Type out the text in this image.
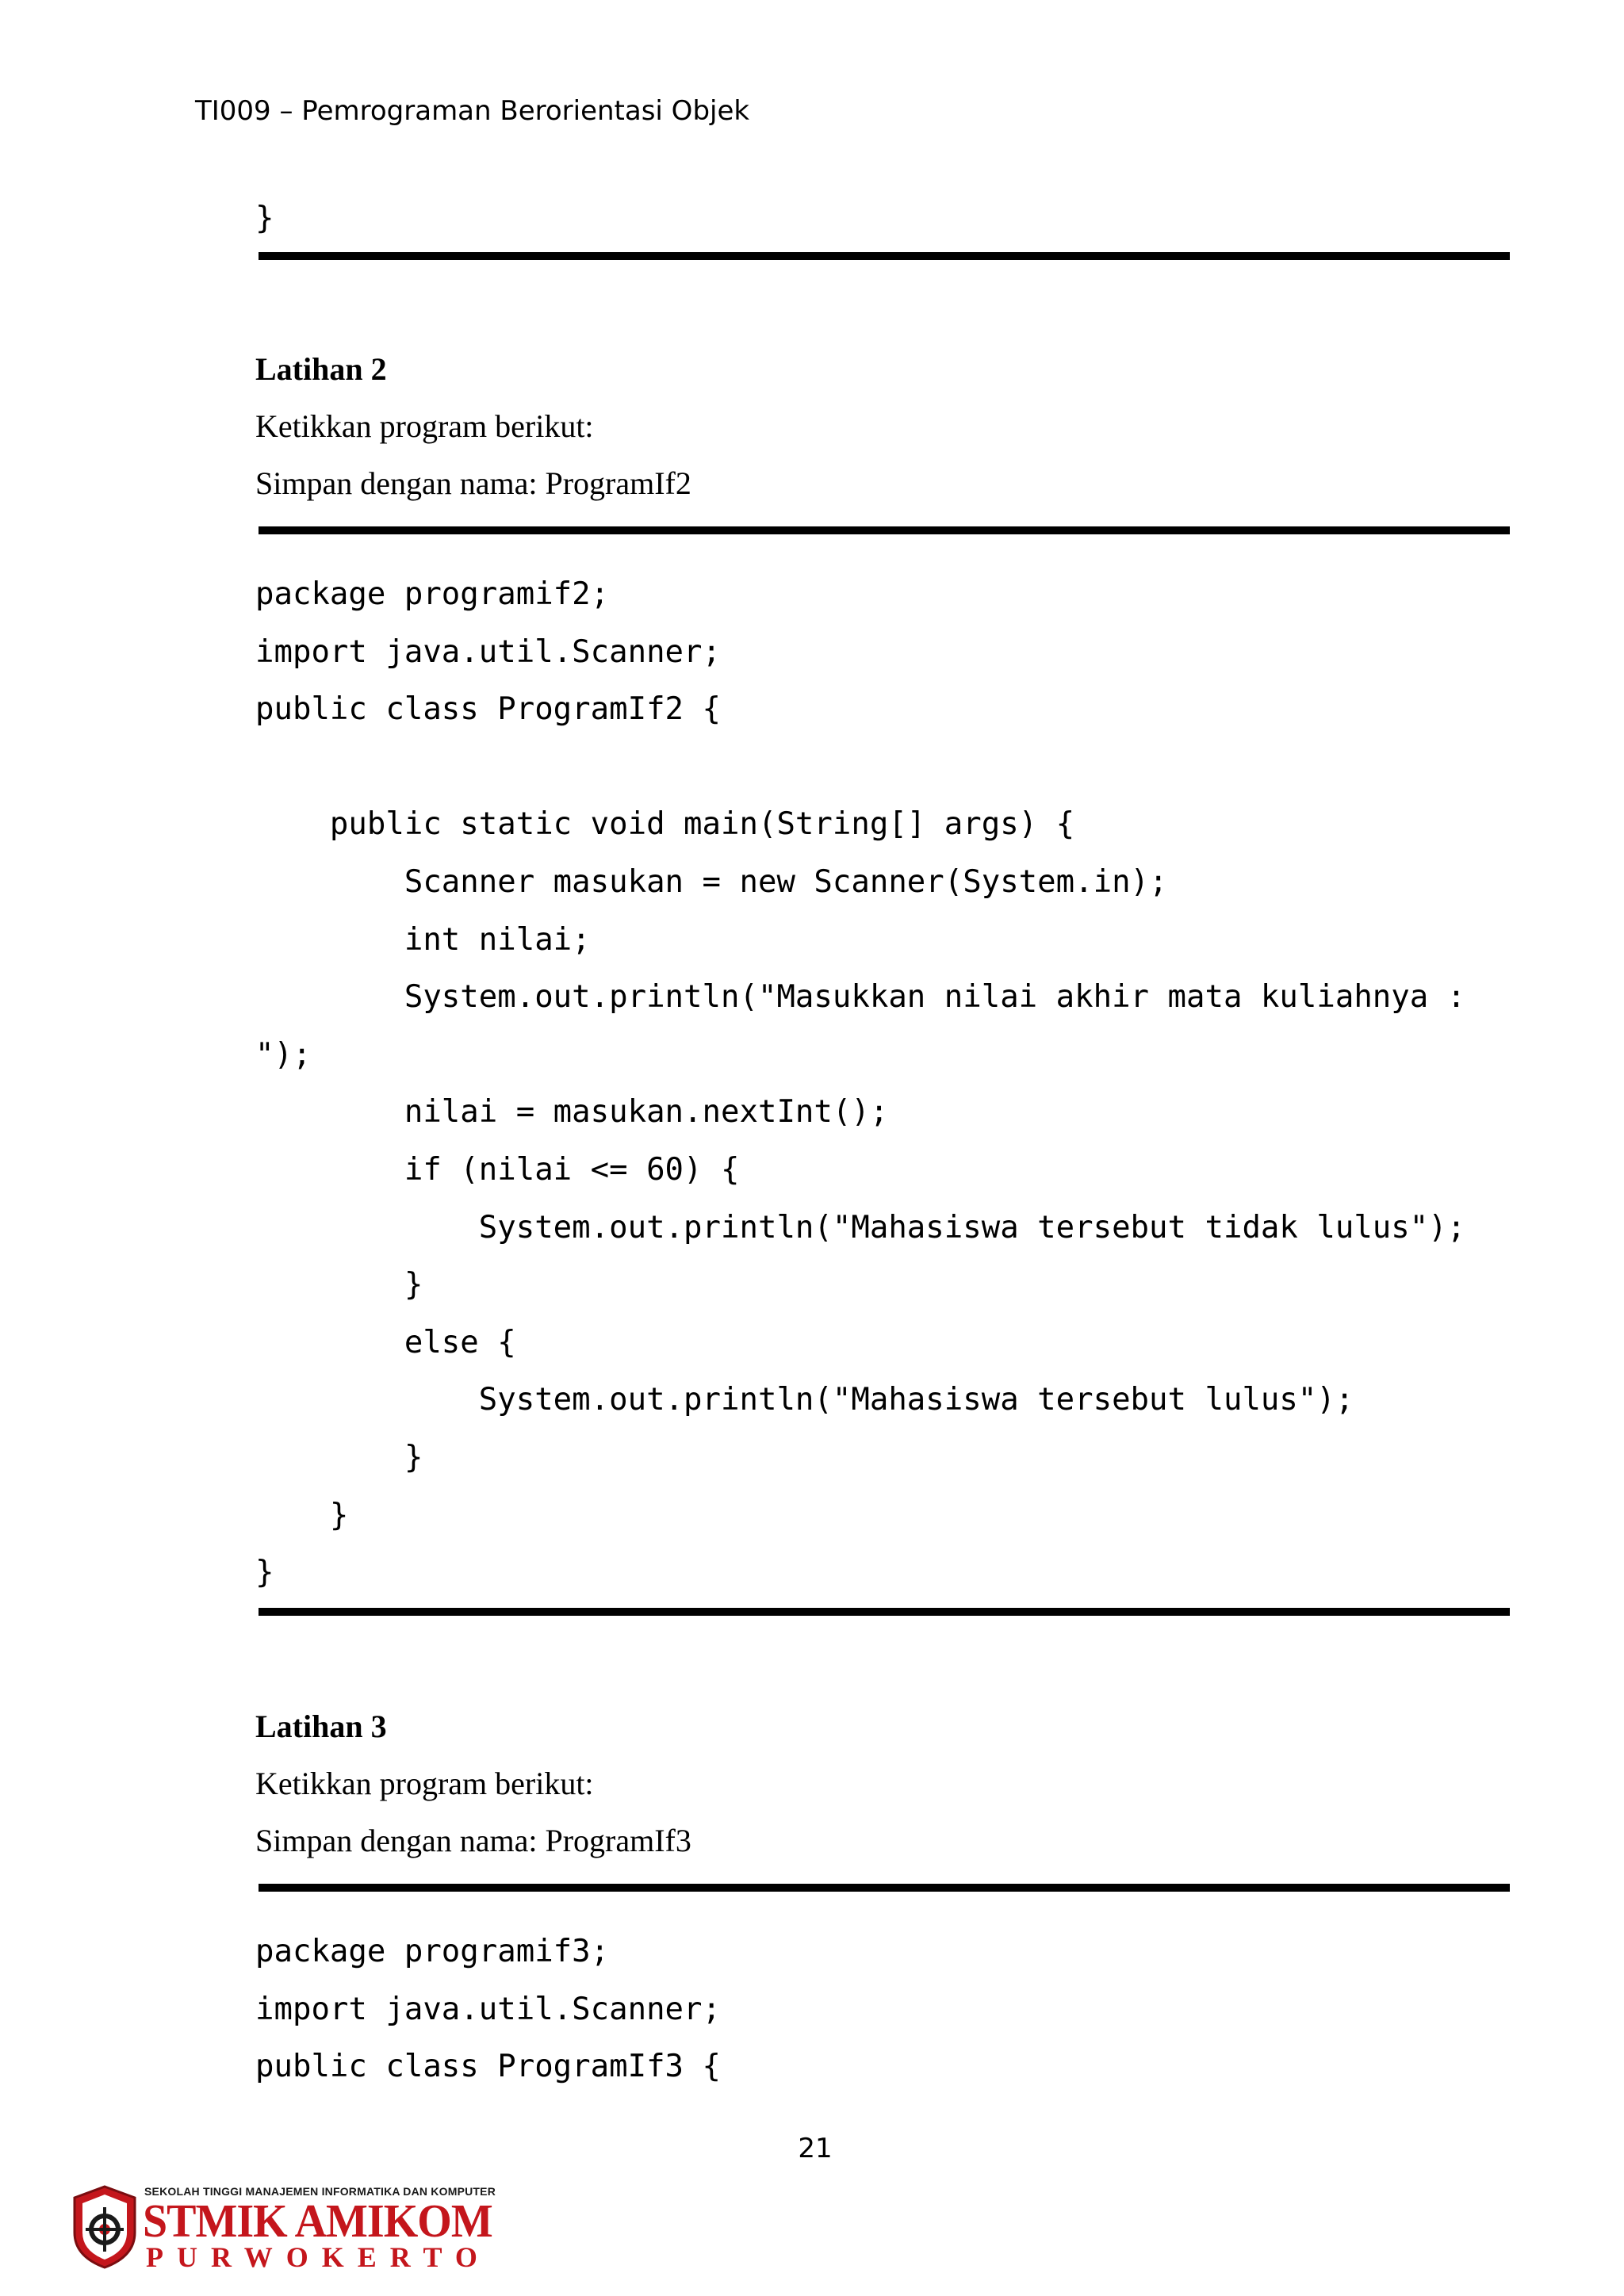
TI009 – Pemrograman Berorientasi Objek
}
Latihan 2
Ketikkan program berikut:
Simpan dengan nama: ProgramIf2
package programif2;
import java.util.Scanner;
public class ProgramIf2 {
public static void main(String[] args) {
Scanner masukan = new Scanner(System.in);
int nilai;
System.out.println("Masukkan nilai akhir mata kuliahnya :
");
nilai = masukan.nextInt();
if (nilai <= 60) {
System.out.println("Mahasiswa tersebut tidak lulus");
}
else {
System.out.println("Mahasiswa tersebut lulus");
}
}
}
Latihan 3
Ketikkan program berikut:
Simpan dengan nama: ProgramIf3
package programif3;
import java.util.Scanner;
public class ProgramIf3 {
21
SEKOLAH TINGGI MANAJEMEN INFORMATIKA DAN KOMPUTER
STMIK AMIKOM
PURWOKERTO
